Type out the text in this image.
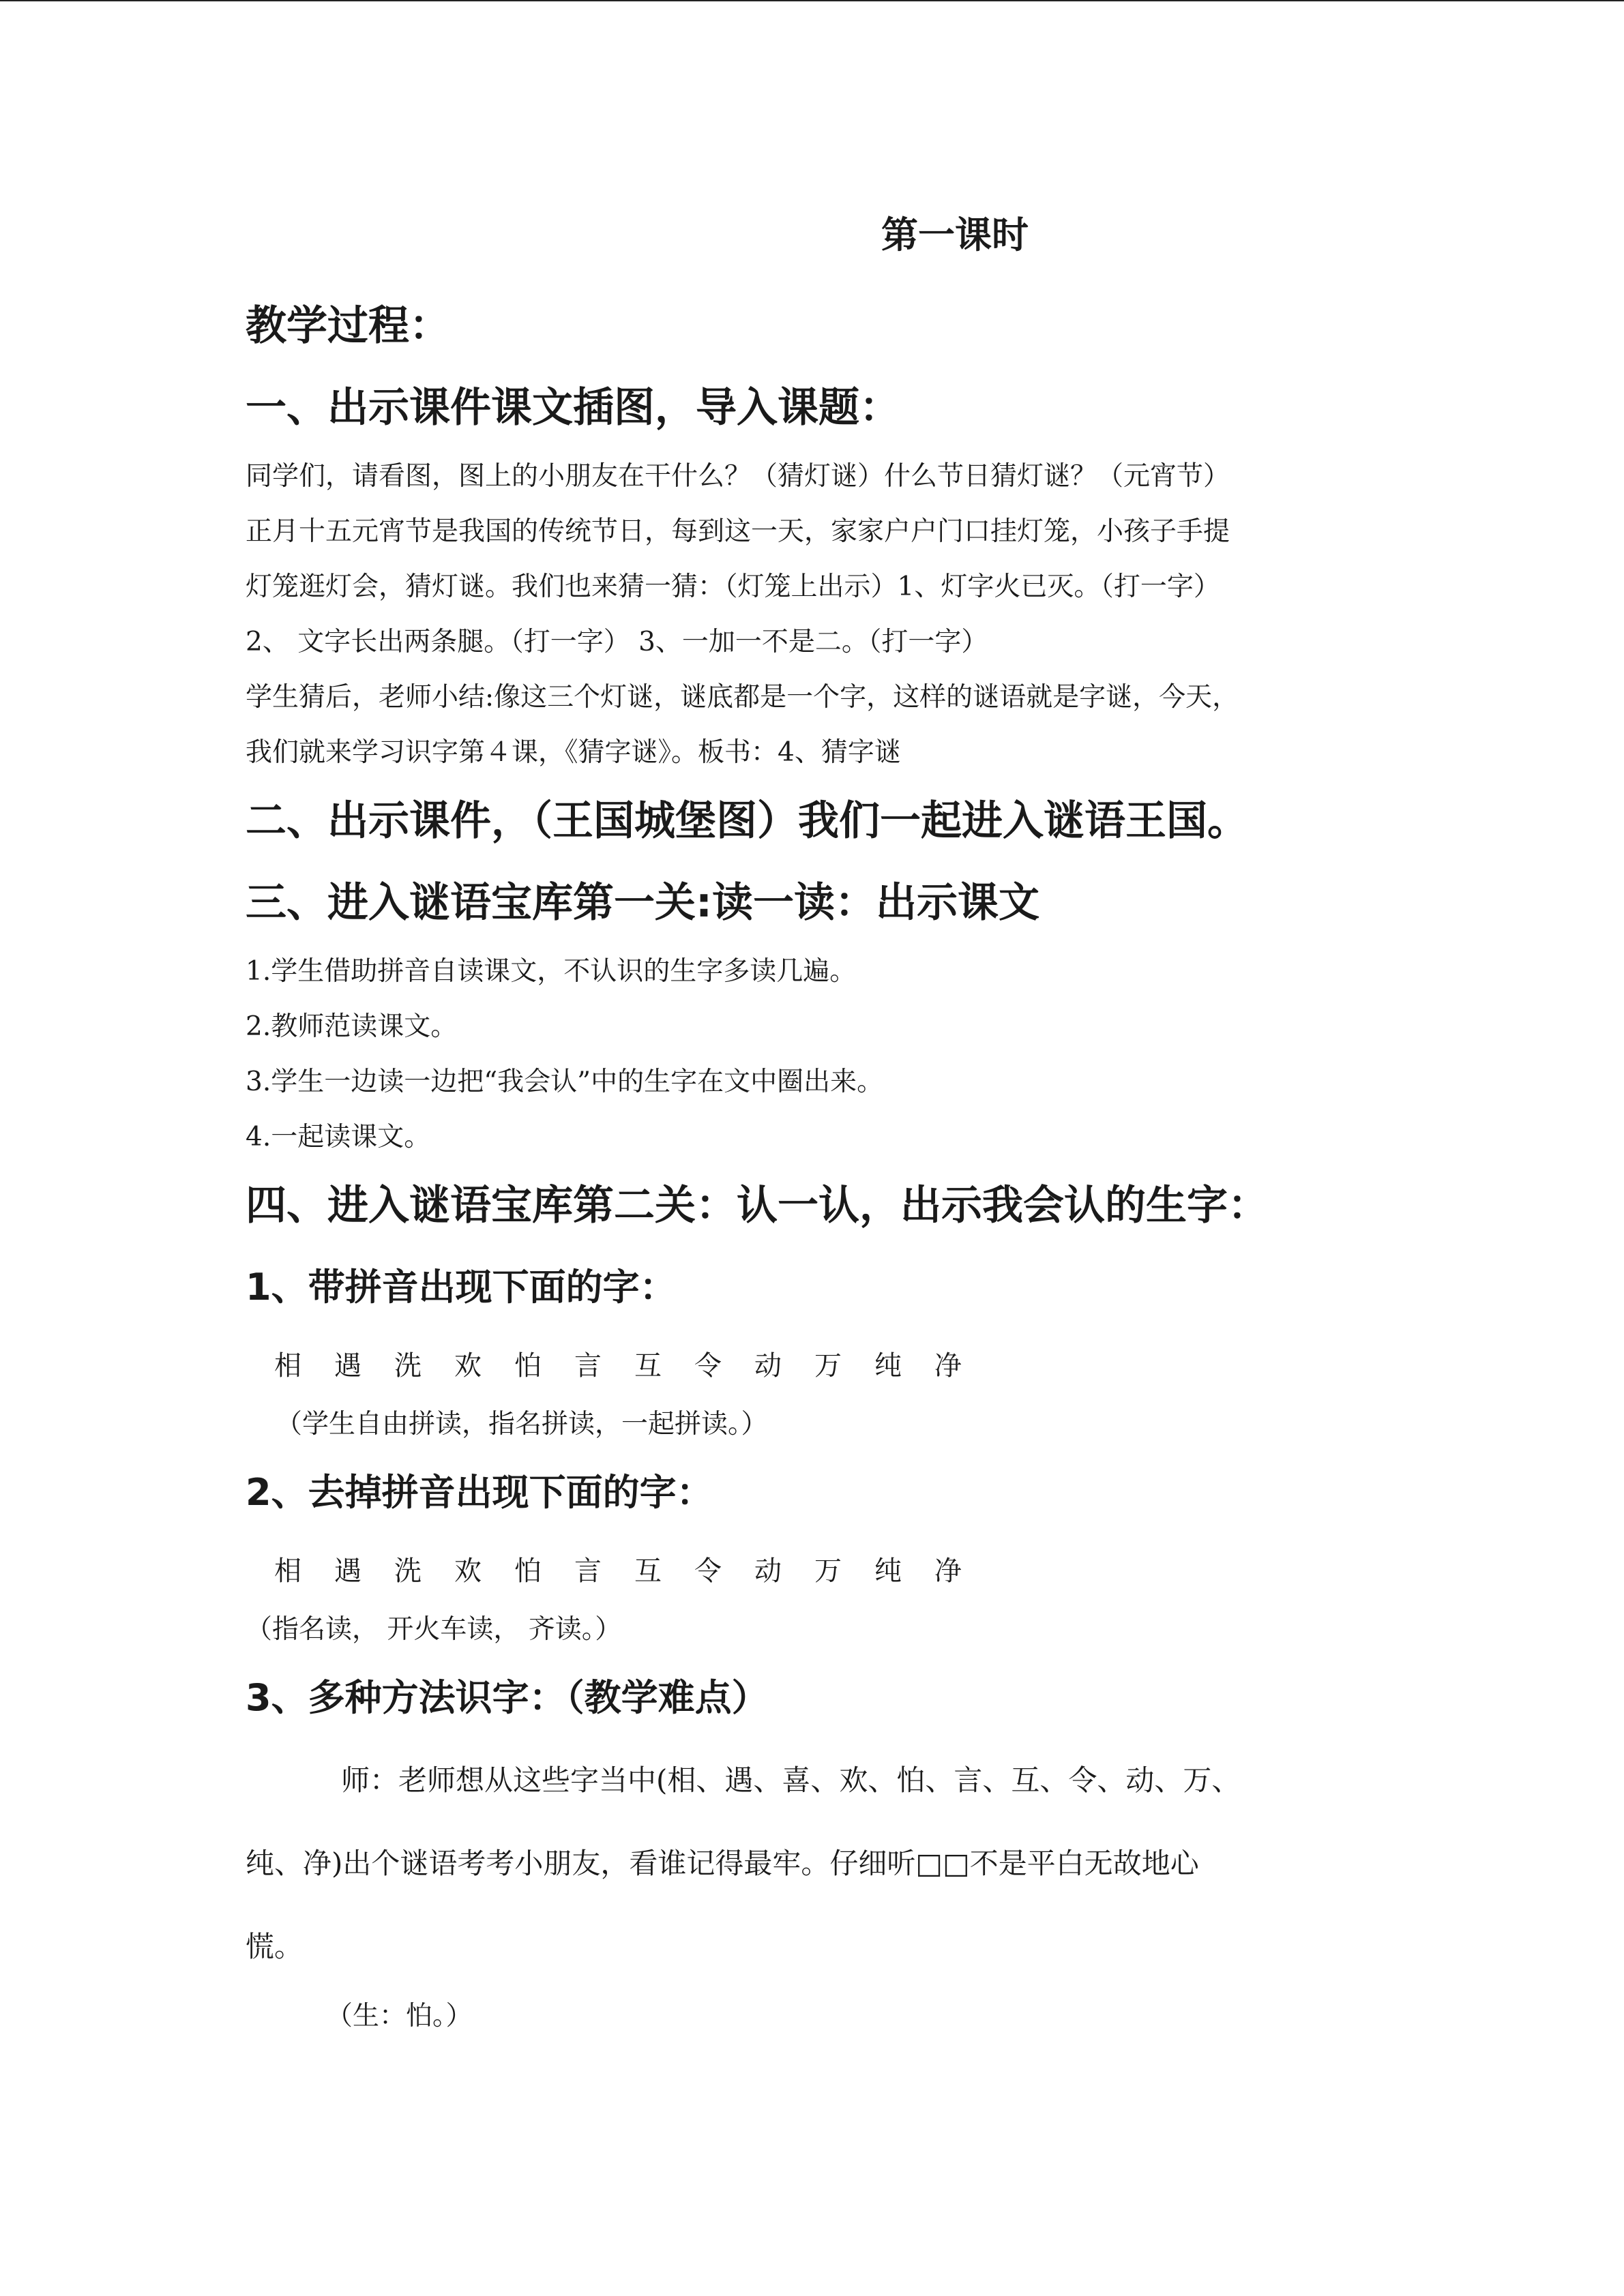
第一课时
教学过程：
一、出示课件课文插图，导入课题：
同学们，请看图，图上的小朋友在干什么？（猜灯谜）什么节日猜灯谜？（元宵节）
正月十五元宵节是我国的传统节日，每到这一天，家家户户门口挂灯笼，小孩子手提
灯笼逛灯会，猜灯谜。我们也来猜一猜：（灯笼上出示）1、灯字火已灭。（打一字）
2、 文字长出两条腿。（打一字） 3、一加一不是二。（打一字）
学生猜后，老师小结:像这三个灯谜，谜底都是一个字，这样的谜语就是字谜，今天，
我们就来学习识字第４课，《猜字谜》。板书：4、猜字谜
二、出示课件，（王国城堡图）我们一起进入谜语王国。
三、进入谜语宝库第一关:读一读：出示课文
1.学生借助拼音自读课文，不认识的生字多读几遍。
2.教师范读课文。
3.学生一边读一边把“我会认”中的生字在文中圈出来。
4.一起读课文。
四、进入谜语宝库第二关：认一认，出示我会认的生字：
1、带拼音出现下面的字：
相	遇	洗	欢	怕	言	互	令	动	万	纯	净
（学生自由拼读，指名拼读，一起拼读。）
2、去掉拼音出现下面的字：
相	遇	洗	欢	怕	言	互	令	动	万	纯	净
（指名读， 开火车读， 齐读。）
3、多种方法识字：（教学难点）
师：老师想从这些字当中(相、遇、喜、欢、怕、言、互、令、动、万、
纯、净)出个谜语考考小朋友，看谁记得最牢。仔细听□□不是平白无故地心
慌。
（生：怕。）
